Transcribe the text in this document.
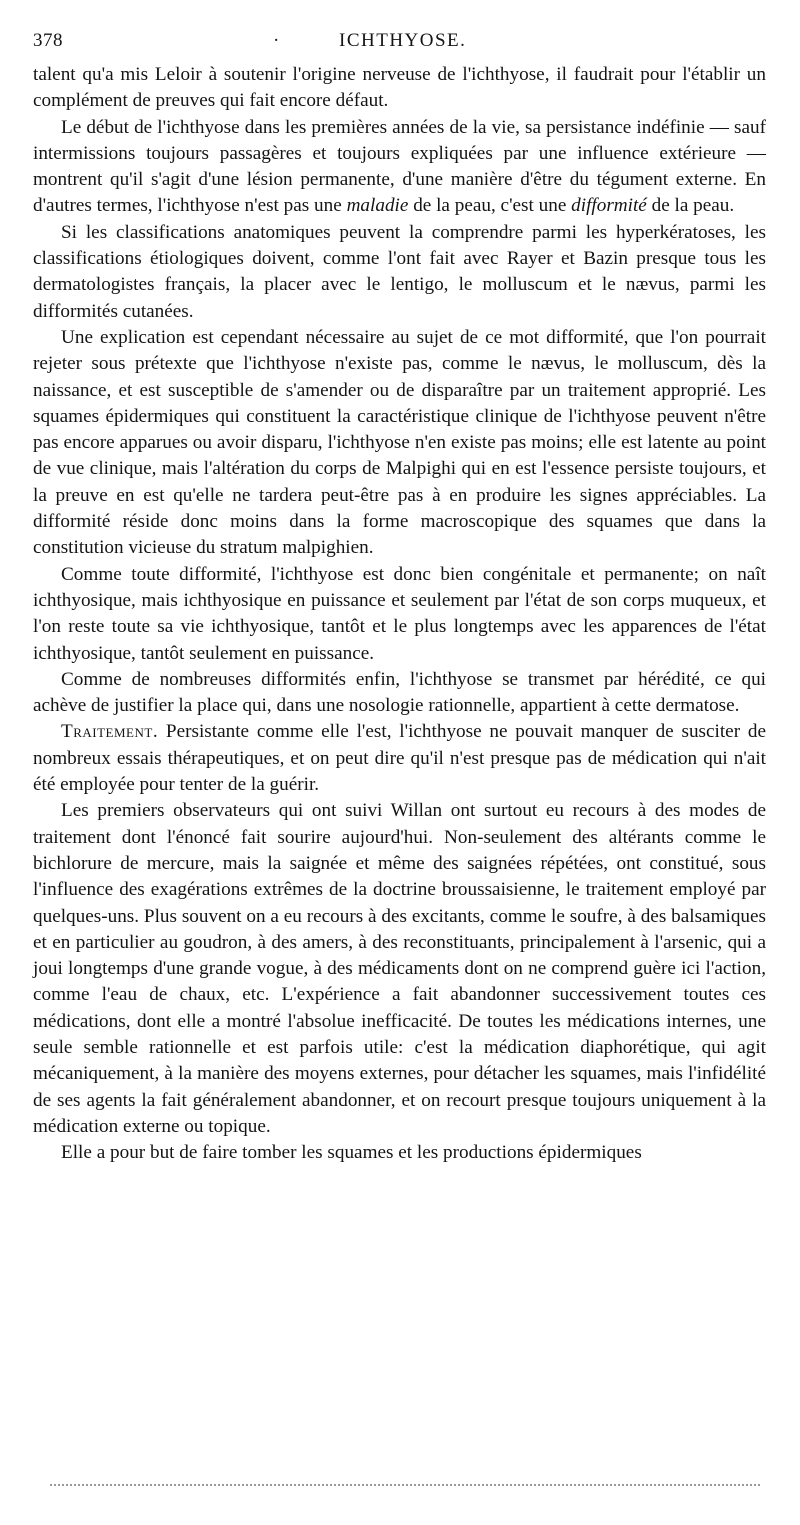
378	·	ICHTHYOSE.

talent qu'a mis Leloir à soutenir l'origine nerveuse de l'ichthyose, il faudrait pour l'établir un complément de preuves qui fait encore défaut.

Le début de l'ichthyose dans les premières années de la vie, sa persistance indéfinie — sauf intermissions toujours passagères et toujours expliquées par une influence extérieure — montrent qu'il s'agit d'une lésion permanente, d'une manière d'être du tégument externe. En d'autres termes, l'ichthyose n'est pas une maladie de la peau, c'est une difformité de la peau.

Si les classifications anatomiques peuvent la comprendre parmi les hyperkératoses, les classifications étiologiques doivent, comme l'ont fait avec Rayer et Bazin presque tous les dermatologistes français, la placer avec le lentigo, le molluscum et le nævus, parmi les difformités cutanées.

Une explication est cependant nécessaire au sujet de ce mot difformité, que l'on pourrait rejeter sous prétexte que l'ichthyose n'existe pas, comme le nævus, le molluscum, dès la naissance, et est susceptible de s'amender ou de disparaître par un traitement approprié. Les squames épidermiques qui constituent la caractéristique clinique de l'ichthyose peuvent n'être pas encore apparues ou avoir disparu, l'ichthyose n'en existe pas moins; elle est latente au point de vue clinique, mais l'altération du corps de Malpighi qui en est l'essence persiste toujours, et la preuve en est qu'elle ne tardera peut-être pas à en produire les signes appréciables. La difformité réside donc moins dans la forme macroscopique des squames que dans la constitution vicieuse du stratum malpighien.

Comme toute difformité, l'ichthyose est donc bien congénitale et permanente; on naît ichthyosique, mais ichthyosique en puissance et seulement par l'état de son corps muqueux, et l'on reste toute sa vie ichthyosique, tantôt et le plus longtemps avec les apparences de l'état ichthyosique, tantôt seulement en puissance.

Comme de nombreuses difformités enfin, l'ichthyose se transmet par hérédité, ce qui achève de justifier la place qui, dans une nosologie rationnelle, appartient à cette dermatose.

Traitement. Persistante comme elle l'est, l'ichthyose ne pouvait manquer de susciter de nombreux essais thérapeutiques, et on peut dire qu'il n'est presque pas de médication qui n'ait été employée pour tenter de la guérir.

Les premiers observateurs qui ont suivi Willan ont surtout eu recours à des modes de traitement dont l'énoncé fait sourire aujourd'hui. Non-seulement des altérants comme le bichlorure de mercure, mais la saignée et même des saignées répétées, ont constitué, sous l'influence des exagérations extrêmes de la doctrine broussaisienne, le traitement employé par quelques-uns. Plus souvent on a eu recours à des excitants, comme le soufre, à des balsamiques et en particulier au goudron, à des amers, à des reconstituants, principalement à l'arsenic, qui a joui longtemps d'une grande vogue, à des médicaments dont on ne comprend guère ici l'action, comme l'eau de chaux, etc. L'expérience a fait abandonner successivement toutes ces médications, dont elle a montré l'absolue inefficacité. De toutes les médications internes, une seule semble rationnelle et est parfois utile: c'est la médication diaphorétique, qui agit mécaniquement, à la manière des moyens externes, pour détacher les squames, mais l'infidélité de ses agents la fait généralement abandonner, et on recourt presque toujours uniquement à la médication externe ou topique.

Elle a pour but de faire tomber les squames et les productions épidermiques
